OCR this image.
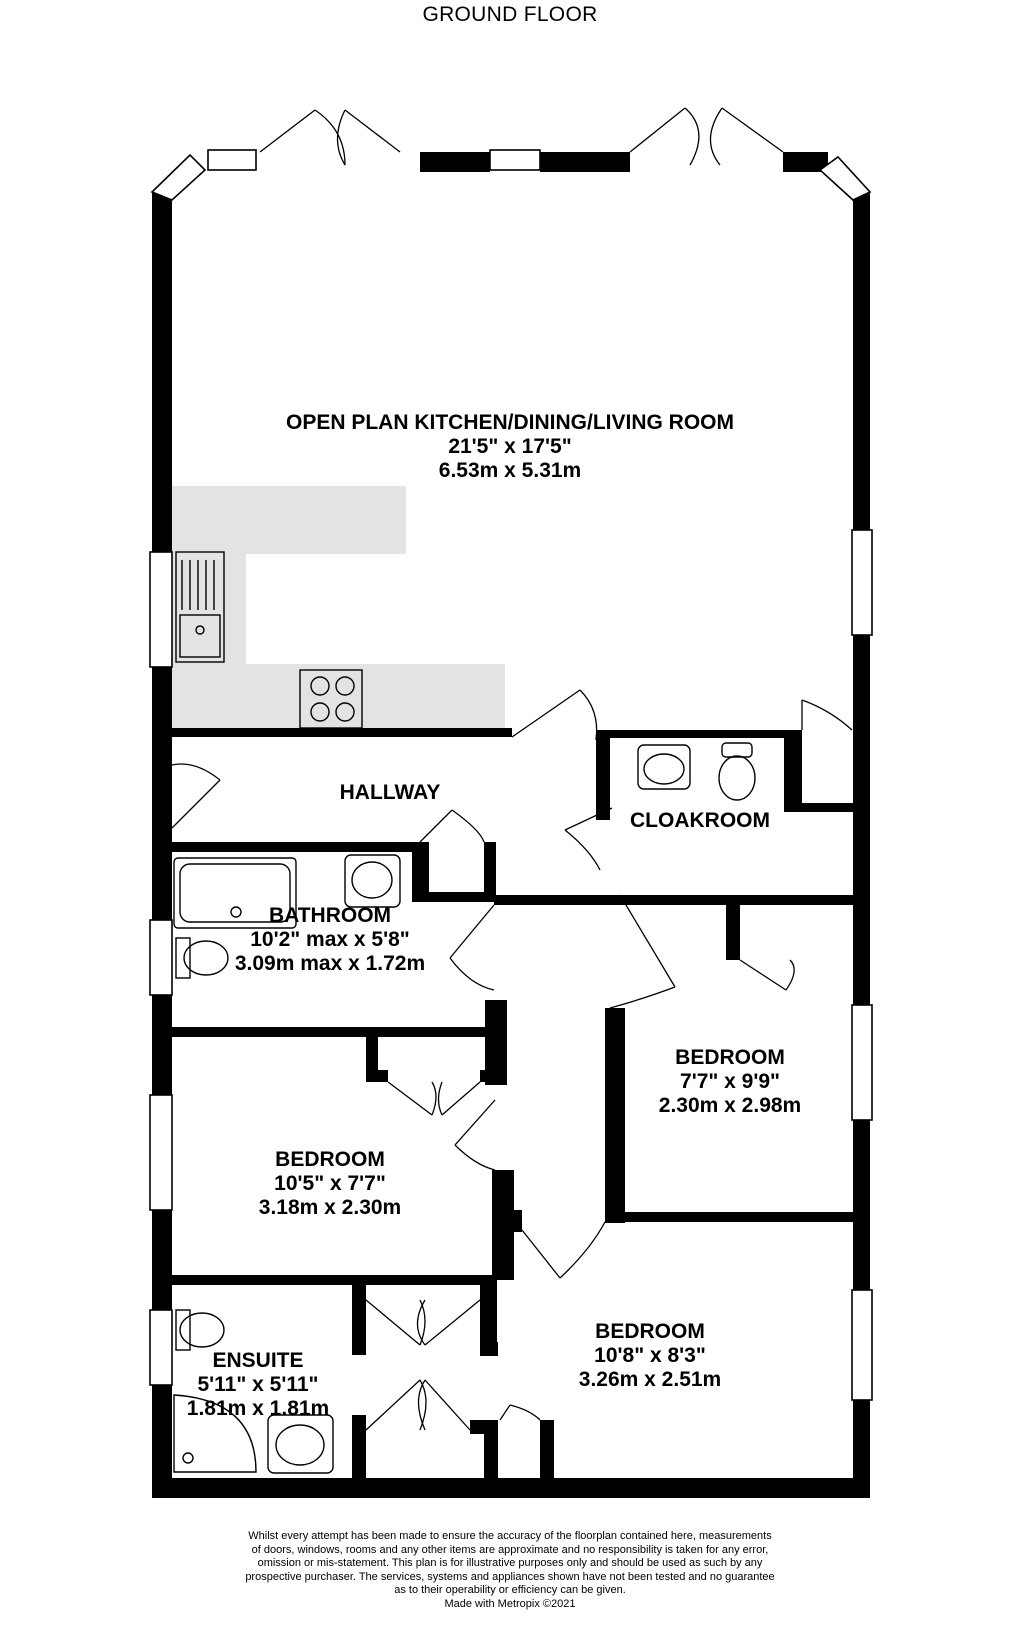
GROUND FLOOR
OPEN PLAN KITCHEN/DINING/LIVING ROOM
21'5" x 17'5"
6.53m x 5.31m
HALLWAY
CLOAKROOM
BATHROOM
10'2" max x 5'8"
3.09m max x 1.72m
BEDROOM
7'7" x 9'9"
2.30m x 2.98m
BEDROOM
10'5" x 7'7"
3.18m x 2.30m
BEDROOM
10'8" x 8'3"
3.26m x 2.51m
ENSUITE
5'11" x 5'11"
1.81m x 1.81m
Whilst every attempt has been made to ensure the accuracy of the floorplan contained here, measurements
of doors, windows, rooms and any other items are approximate and no responsibility is taken for any error,
omission or mis-statement. This plan is for illustrative purposes only and should be used as such by any
prospective purchaser. The services, systems and appliances shown have not been tested and no guarantee
as to their operability or efficiency can be given.
Made with Metropix ©2021
